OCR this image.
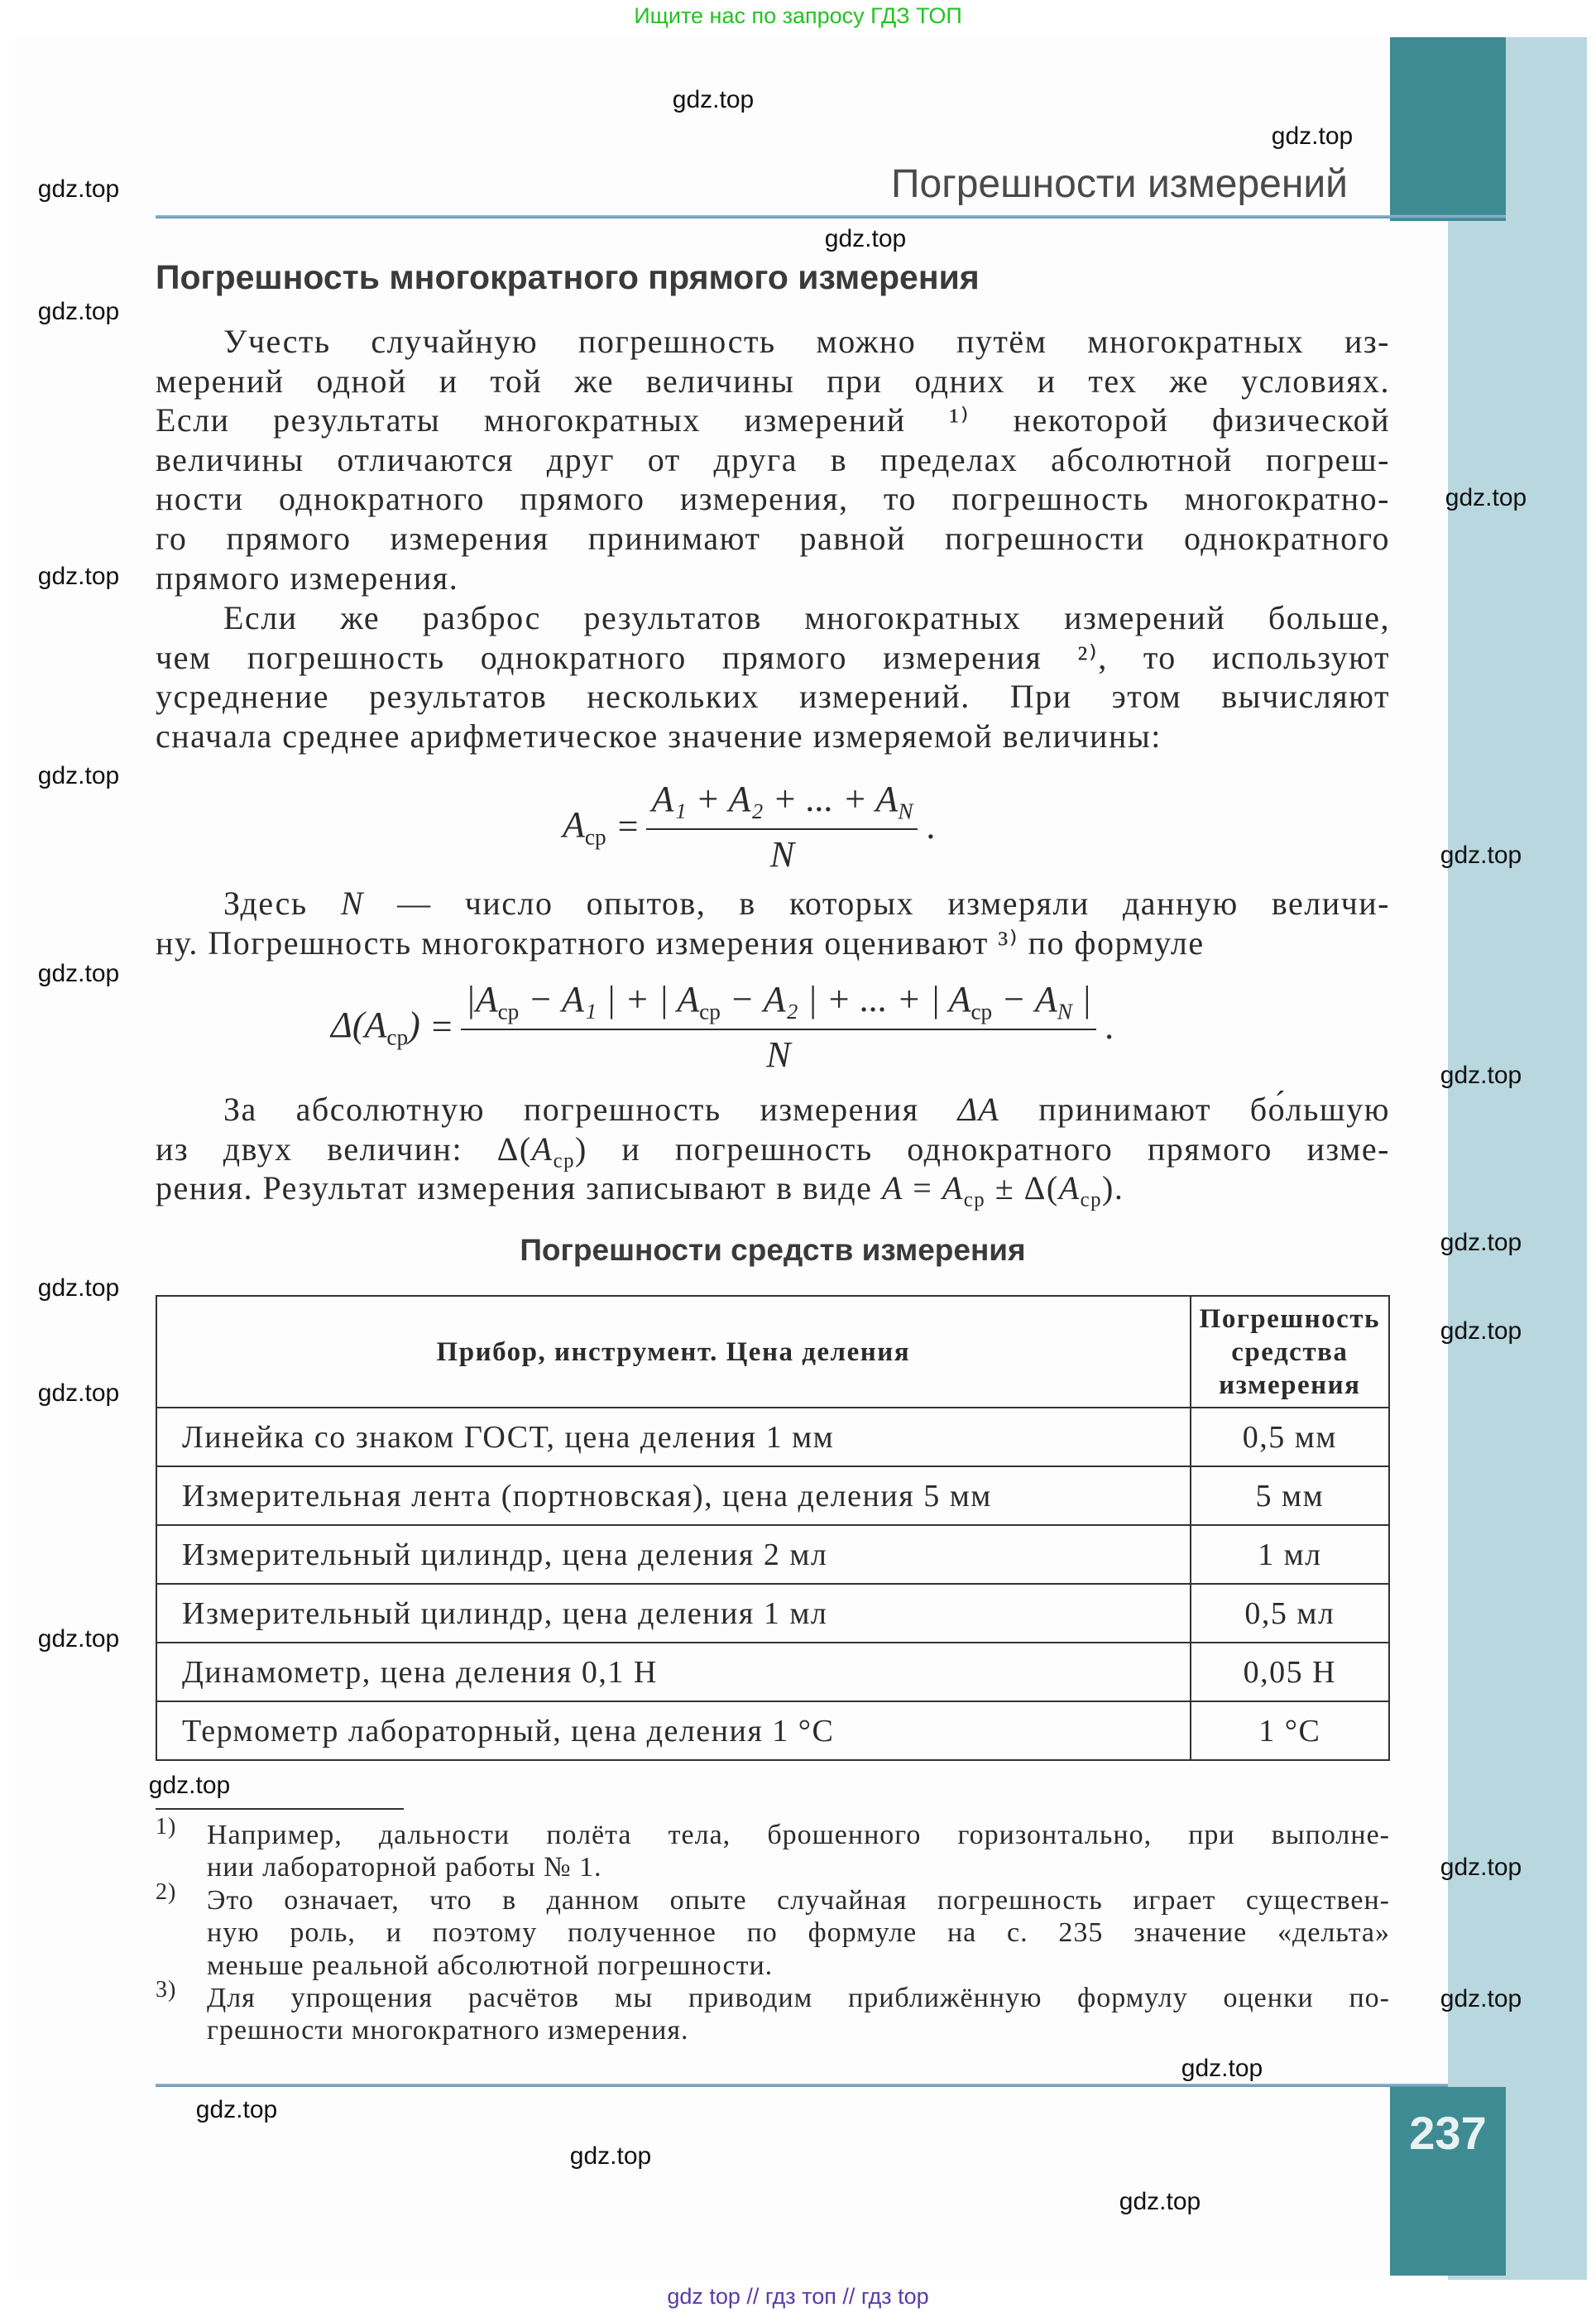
Ищите нас по запросу ГДЗ ТОП
237
Погрешности измерений
Погрешность многократного прямого измерения
Учесть случайную погрешность можно путём многократных из-
мерений одной и той же величины при одних и тех же условиях.
Если результаты многократных измерений ¹⁾ некоторой физической
величины отличаются друг от друга в пределах абсолютной погреш-
ности однократного прямого измерения, то погрешность многократно-
го прямого измерения принимают равной погрешности однократного
прямого измерения.
Если же разброс результатов многократных измерений больше,
чем погрешность однократного прямого измерения ²⁾, то используют
усреднение результатов нескольких измерений. При этом вычисляют
сначала среднее арифметическое значение измеряемой величины:
$A_{ср} = \frac{A_1 + A_2 + ... + A_N}{N}$ .
Здесь N — число опытов, в которых измеряли данную величи-
ну. Погрешность многократного измерения оценивают ³⁾ по формуле
$\Delta(A_{ср}) = \frac{|A_{ср} - A_1 | + | A_{ср} - A_2 | + ... + | A_{ср} - A_N |}{N}$ .
За абсолютную погрешность измерения ΔA принимают бо́льшую
из двух величин: $\Delta(A_{ср})$ и погрешность однократного прямого изме-
рения. Результат измерения записывают в виде $A = A_{ср} \pm \Delta(A_{ср})$.
Погрешности средств измерения
Прибор, инструмент. Цена деления	Погрешность средства измерения
Линейка со знаком ГОСТ, цена деления 1 мм	0,5 мм
Измерительная лента (портновская), цена деления 5 мм	5 мм
Измерительный цилиндр, цена деления 2 мл	1 мл
Измерительный цилиндр, цена деления 1 мл	0,5 мл
Динамометр, цена деления 0,1 Н	0,05 Н
Термометр лабораторный, цена деления 1 °С	1 °С
1) Например, дальности полёта тела, брошенного горизонтально, при выполне-
нии лабораторной работы № 1.
2) Это означает, что в данном опыте случайная погрешность играет существен-
ную роль, и поэтому полученное по формуле на с. 235 значение «дельта»
меньше реальной абсолютной погрешности.
3) Для упрощения расчётов мы приводим приближённую формулу оценки по-
грешности многократного измерения.
gdz.top
gdz.top
gdz.top
gdz.top
gdz.top
gdz.top
gdz.top
gdz.top
gdz.top
gdz.top
gdz.top
gdz.top
gdz.top
gdz.top
gdz.top
gdz.top
gdz.top
gdz.top
gdz.top
gdz.top
gdz.top
gdz.top
gdz.top
gdz top // гдз топ // гдз top
